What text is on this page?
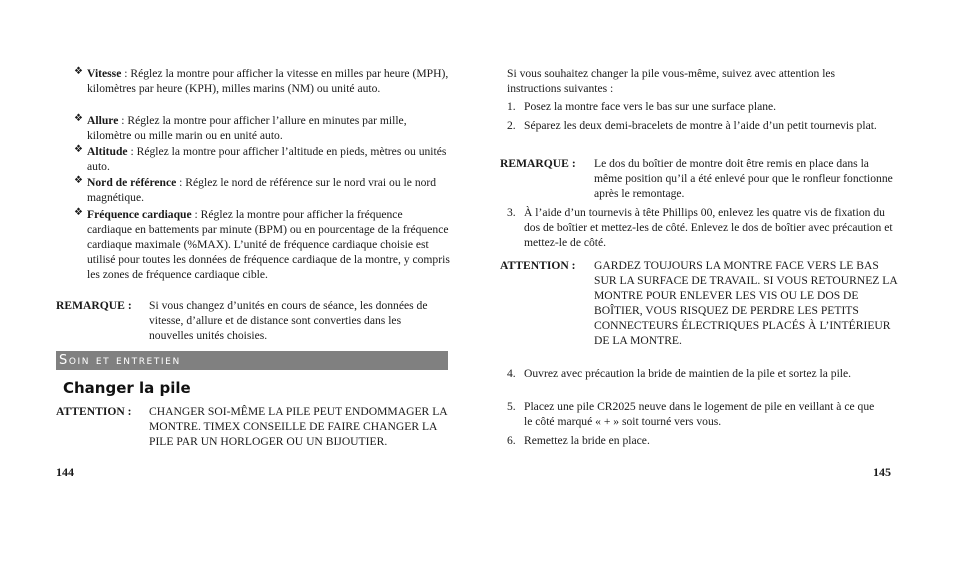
❖ Vitesse : Réglez la montre pour afficher la vitesse en milles par heure (MPH), kilomètres par heure (KPH), milles marins (NM) ou unité auto.
❖ Allure : Réglez la montre pour afficher l’allure en minutes par mille, kilomètre ou mille marin ou en unité auto.
❖ Altitude : Réglez la montre pour afficher l’altitude en pieds, mètres ou unités auto.
❖ Nord de référence : Réglez le nord de référence sur le nord vrai ou le nord magnétique.
❖ Fréquence cardiaque : Réglez la montre pour afficher la fréquence cardiaque en battements par minute (BPM) ou en pourcentage de la fréquence cardiaque maximale (%MAX). L’unité de fréquence cardiaque choisie est utilisé pour toutes les données de fréquence cardiaque de la montre, y compris les zones de fréquence cardiaque cible.
REMARQUE : Si vous changez d’unités en cours de séance, les données de vitesse, d’allure et de distance sont converties dans les nouvelles unités choisies.
Soin et entretien
Changer la pile
ATTENTION : CHANGER SOI-MÊME LA PILE PEUT ENDOMMAGER LA MONTRE. TIMEX CONSEILLE DE FAIRE CHANGER LA PILE PAR UN HORLOGER OU UN BIJOUTIER.
144
Si vous souhaitez changer la pile vous-même, suivez avec attention les instructions suivantes :
1. Posez la montre face vers le bas sur une surface plane.
2. Séparez les deux demi-bracelets de montre à l’aide d’un petit tournevis plat.
REMARQUE : Le dos du boîtier de montre doit être remis en place dans la même position qu’il a été enlevé pour que le ronfleur fonctionne après le remontage.
3. À l’aide d’un tournevis à tête Phillips 00, enlevez les quatre vis de fixation du dos de boîtier et mettez-les de côté. Enlevez le dos de boîtier avec précaution et mettez-le de côté.
ATTENTION : GARDEZ TOUJOURS LA MONTRE FACE VERS LE BAS SUR LA SURFACE DE TRAVAIL. SI VOUS RETOURNEZ LA MONTRE POUR ENLEVER LES VIS OU LE DOS DE BOÎTIER, VOUS RISQUEZ DE PERDRE LES PETITS CONNECTEURS ÉLECTRIQUES PLACÉS À L’INTÉRIEUR DE LA MONTRE.
4. Ouvrez avec précaution la bride de maintien de la pile et sortez la pile.
5. Placez une pile CR2025 neuve dans le logement de pile en veillant à ce que le côté marqué « + » soit tourné vers vous.
6. Remettez la bride en place.
145
